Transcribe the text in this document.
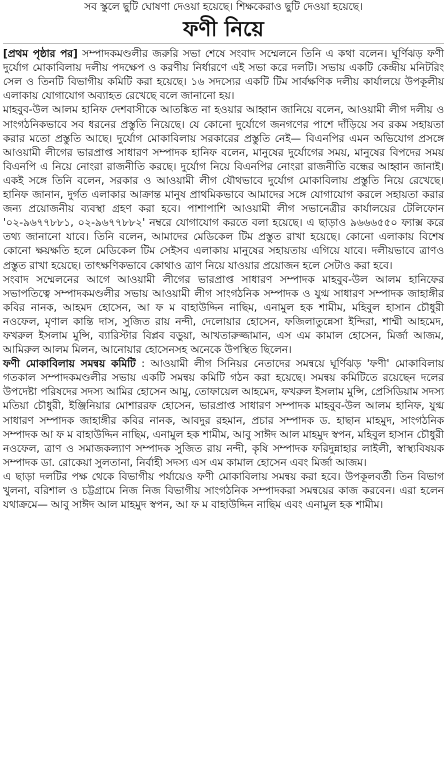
সব স্কুলে ছুটি ঘোষণা দেওয়া হয়েছে। শিক্ষকেরাও ছুটি দেওয়া হয়েছে।

ফণী নিয়ে

[প্রথম পৃষ্ঠার পর] সম্পাদকমণ্ডলীর জরুরি সভা শেষে সংবাদ সম্মেলনে তিনি এ কথা বলেন। ঘূর্ণিঝড় ফণী দুর্যোগ মোকাবিলায় দলীয় পদক্ষেপ ও করণীয় নির্ধারণে এই সভা করে দলটি। সভায় একটি কেন্দ্রীয় মনিটরিং সেল ও তিনটি বিভাগীয় কমিটি করা হয়েছে। ১৬ সদস্যের একটি টিম সার্বক্ষণিক দলীয় কার্যালয়ে উপকূলীয় এলাকায় যোগাযোগ অব্যাহত রেখেছে বলে জানানো হয়।

মাহবুব-উল আলম হানিফ দেশবাসীকে আতঙ্কিত না হওয়ার আহ্বান জানিয়ে বলেন, আওয়ামী লীগ দলীয় ও সাংগঠনিকভাবে সব ধরনের প্রস্তুতি নিয়েছে। যে কোনো দুর্যোগে জনগণের পাশে দাঁড়িয়ে সব রকম সহায়তা করার মতো প্রস্তুতি আছে। দুর্যোগ মোকাবিলায় সরকারের প্রস্তুতি নেই— বিএনপির এমন অভিযোগ প্রসঙ্গে আওয়ামী লীগের ভারপ্রাপ্ত সাধারণ সম্পাদক হানিফ বলেন, মানুষের দুর্যোগের সময়, মানুষের বিপদের সময় বিএনপি এ নিয়ে নোংরা রাজনীতি করছে। দুর্যোগ নিয়ে বিএনপির নোংরা রাজনীতি বন্ধের আহ্বান জানাই। একই সঙ্গে তিনি বলেন, সরকার ও আওয়ামী লীগ যৌথভাবে দুর্যোগ মোকাবিলায় প্রস্তুতি নিয়ে রেখেছে। হানিফ জানান, দুর্গত এলাকার আক্রান্ত মানুষ প্রাথমিকভাবে আমাদের সঙ্গে যোগাযোগ করলে সহায়তা করার জন্য প্রয়োজনীয় ব্যবস্থা গ্রহণ করা হবে। পাশাপাশি আওয়ামী লীগ সভানেত্রীর কার্যালয়ের টেলিফোন '০২-৯৬৭৭৮৮১, ০২-৯৬৭৭৮৮২' নম্বরে যোগাযোগ করতে বলা হয়েছে। এ ছাড়াও ৯৬৬৬৫৫০ ফ্যাক্স করে তথ্য জানানো যাবে। তিনি বলেন, আমাদের মেডিকেল টিম প্রস্তুত রাখা হয়েছে। কোনো এলাকায় বিশেষ কোনো ক্ষয়ক্ষতি হলে মেডিকেল টিম সেইসব এলাকায় মানুষের সহায়তায় এগিয়ে যাবে। দলীয়ভাবে ত্রাণও প্রস্তুত রাখা হয়েছে। তাৎক্ষণিকভাবে কোথাও ত্রাণ নিয়ে যাওয়ার প্রয়োজন হলে সেটাও করা হবে।

সংবাদ সম্মেলনের আগে আওয়ামী লীগের ভারপ্রাপ্ত সাধারণ সম্পাদক মাহবুব-উল আলম হানিফের সভাপতিত্বে সম্পাদকমণ্ডলীর সভায় আওয়ামী লীগ সাংগঠনিক সম্পাদক ও যুগ্ম সাধারণ সম্পাদক জাহাঙ্গীর কবির নানক, আহমদ হোসেন, আ ফ ম বাহাউদ্দিন নাছিম, এনামুল হক শামীম, মহিবুল হাসান চৌধুরী নওফেল, মৃণাল কান্তি দাস, সুজিত রায় নন্দী, দেলোয়ার হোসেন, ফজিলাতুন্নেসা ইন্দিরা, শাম্মী আহমেদ, ফখরুল ইসলাম মুন্সি, ব্যারিস্টার বিপ্লব বড়ুয়া, আখতারুজ্জামান, এস এম কামাল হোসেন, মির্জা আজম, আমিরুল আলম মিলন, আনোয়ার হোসেনসহ অনেকে উপস্থিত ছিলেন।

ফণী মোকাবিলায় সমন্বয় কমিটি : আওয়ামী লীগ সিনিয়র নেতাদের সমন্বয়ে ঘূর্ণিঝড় 'ফণী' মোকাবিলায় গতকাল সম্পাদকমণ্ডলীর সভায় একটি সমন্বয় কমিটি গঠন করা হয়েছে। সমন্বয় কমিটিতে রয়েছেন দলের উপদেষ্টা পরিষদের সদস্য আমির হোসেন আমু, তোফায়েল আহমেদ, ফখরুল ইসলাম মুন্সি, প্রেসিডিয়াম সদস্য মতিয়া চৌধুরী, ইঞ্জিনিয়ার মোশাররফ হোসেন, ভারপ্রাপ্ত সাধারণ সম্পাদক মাহবুব-উল আলম হানিফ, যুগ্ম সাধারণ সম্পাদক জাহাঙ্গীর কবির নানক, আবদুর রহমান, প্রচার সম্পাদক ড. হাছান মাহমুদ, সাংগঠনিক সম্পাদক আ ফ ম বাহাউদ্দিন নাছিম, এনামুল হক শামীম, আবু সাঈদ আল মাহমুদ স্বপন, মহিবুল হাসান চৌধুরী নওফেল, ত্রাণ ও সমাজকল্যাণ সম্পাদক সুজিত রায় নন্দী, কৃষি সম্পাদক ফরিদুন্নাহার লাইলী, স্বাস্থ্যবিষয়ক সম্পাদক ডা. রোকেয়া সুলতানা, নির্বাহী সদস্য এস এম কামাল হোসেন এবং মির্জা আজম।

এ ছাড়া দলটির পক্ষ থেকে বিভাগীয় পর্যায়েও ফণী মোকাবিলায় সমন্বয় করা হবে। উপকূলবর্তী তিন বিভাগ খুলনা, বরিশাল ও চট্টগ্রামে নিজ নিজ বিভাগীয় সাংগঠনিক সম্পাদকরা সমন্বয়ের কাজ করবেন। এরা হলেন যথাক্রমে— আবু সাঈদ আল মাহমুদ স্বপন, আ ফ ম বাহাউদ্দিন নাছিম এবং এনামুল হক শামীম।
